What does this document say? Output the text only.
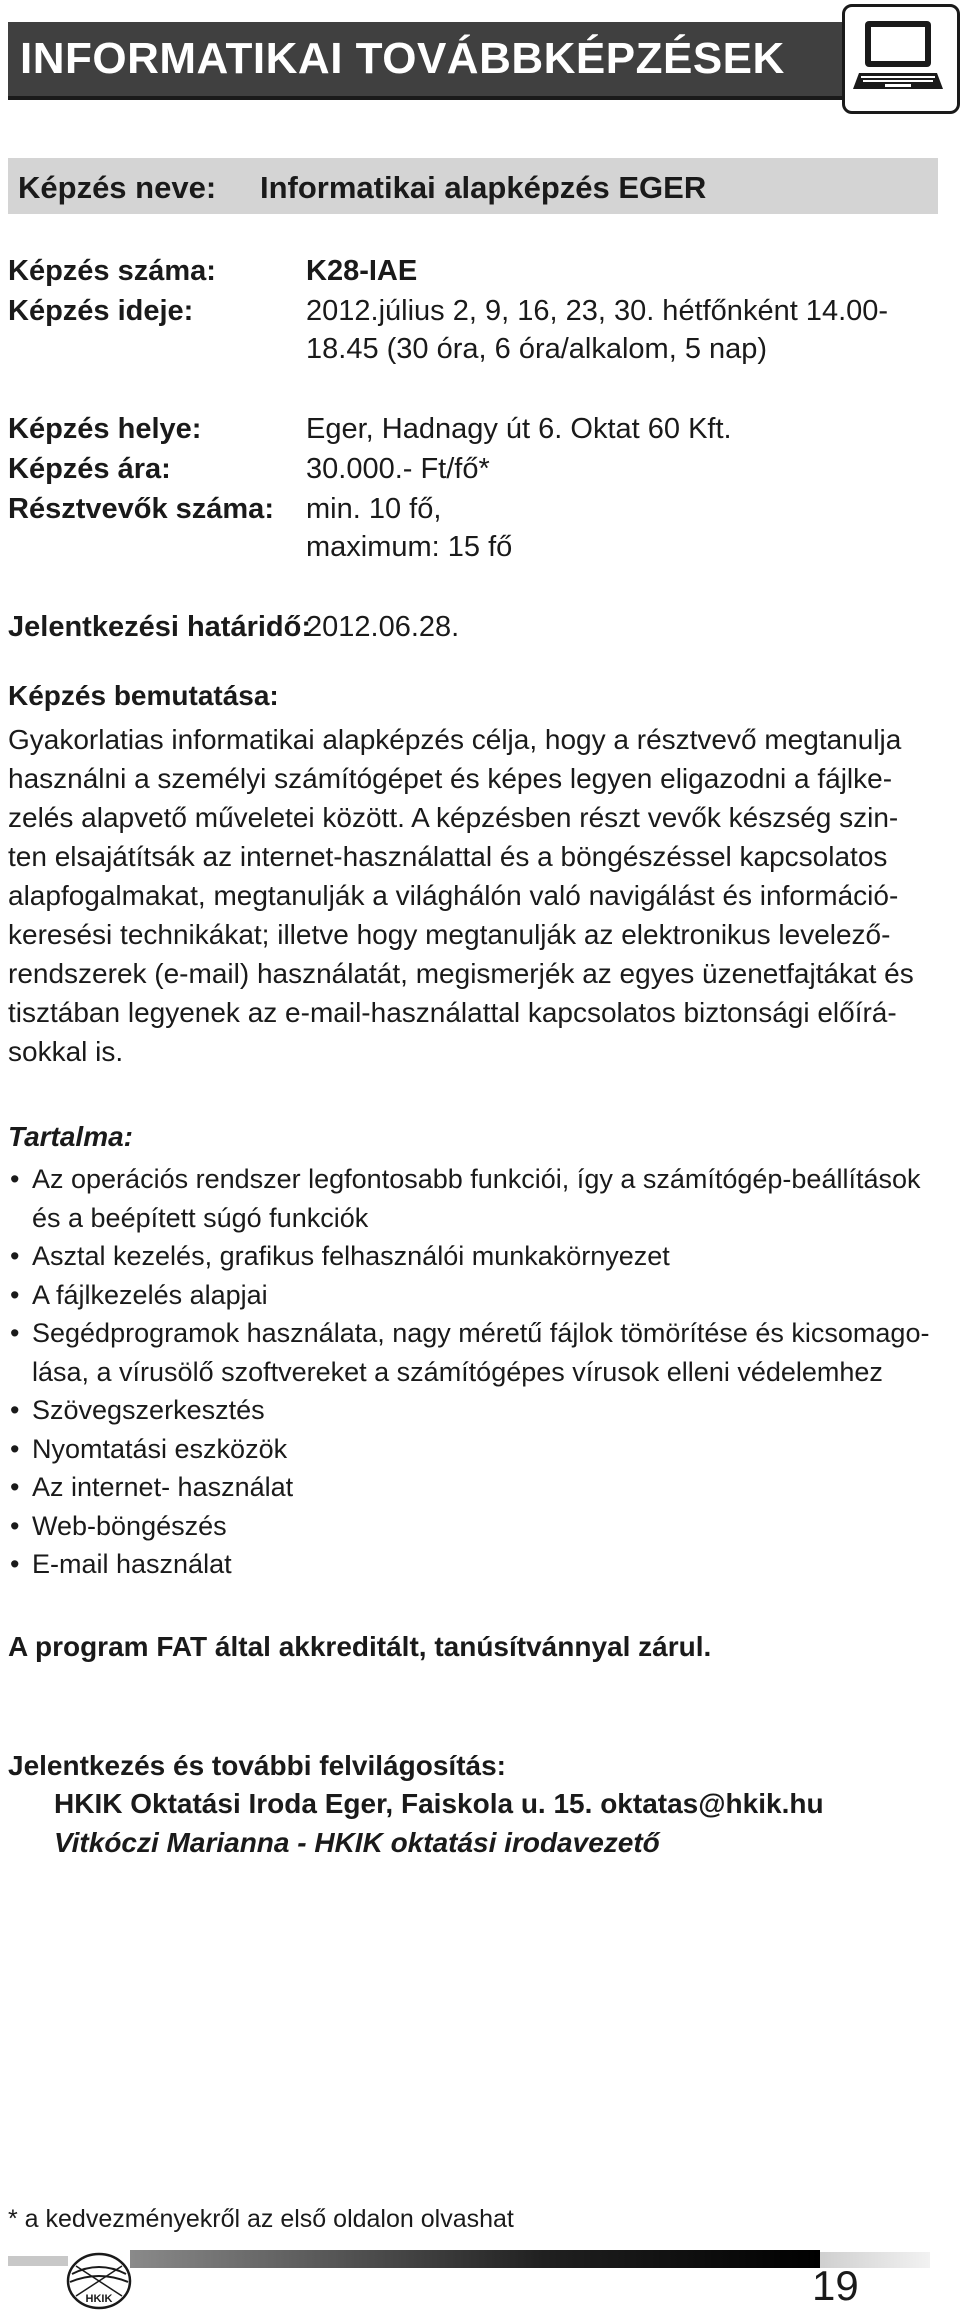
INFORMATIKAI TOVÁBBKÉPZÉSEK
Képzés neve: Informatikai alapképzés EGER
Képzés száma:	K28-IAE
Képzés ideje:	2012.július 2, 9, 16, 23, 30. hétfőnként 14.00-
18.45 (30 óra, 6 óra/alkalom, 5 nap)
Képzés helye:	Eger, Hadnagy út 6. Oktat 60 Kft.
Képzés ára:	30.000.- Ft/fő*
Résztvevők száma: min. 10 fő,
maximum: 15 fő
Jelentkezési határidő:
2012.06.28.
Képzés bemutatása:

Gyakorlatias informatikai alapképzés célja, hogy a résztvevő megtanulja

használni a személyi számítógépet és képes legyen eligazodni a fájlke-

zelés alapvető műveletei között. A képzésben részt vevők készség szin-

ten elsajátítsák az internet-használattal és a böngészéssel kapcsolatos

alapfogalmakat, megtanulják a világhálón való navigálást és információ-

keresési technikákat; illetve hogy megtanulják az elektronikus levelező-

rendszerek (e-mail) használatát, megismerjék az egyes üzenetfajtákat és

tisztában legyenek az e-mail-használattal kapcsolatos biztonsági előírá-

sokkal is.

Tartalma:
• Az operációs rendszer legfontosabb funkciói, így a számítógép-beállítások
és a beépített súgó funkciók
• Asztal kezelés, grafikus felhasználói munkakörnyezet
• A fájlkezelés alapjai
• Segédprogramok használata, nagy méretű fájlok tömörítése és kicsomago-
lása, a vírusölő szoftvereket a számítógépes vírusok elleni védelemhez
• Szövegszerkesztés
• Nyomtatási eszközök
• Az internet- használat
• Web-böngészés
• E-mail használat
A program FAT által akkreditált, tanúsítvánnyal zárul.
Jelentkezés és további felvilágosítás:
HKIK Oktatási Iroda Eger, Faiskola u. 15. oktatas@hkik.hu
Vitkóczi Marianna - HKIK oktatási irodavezető
* a kedvezményekről az első oldalon olvashat
HKIK	19
